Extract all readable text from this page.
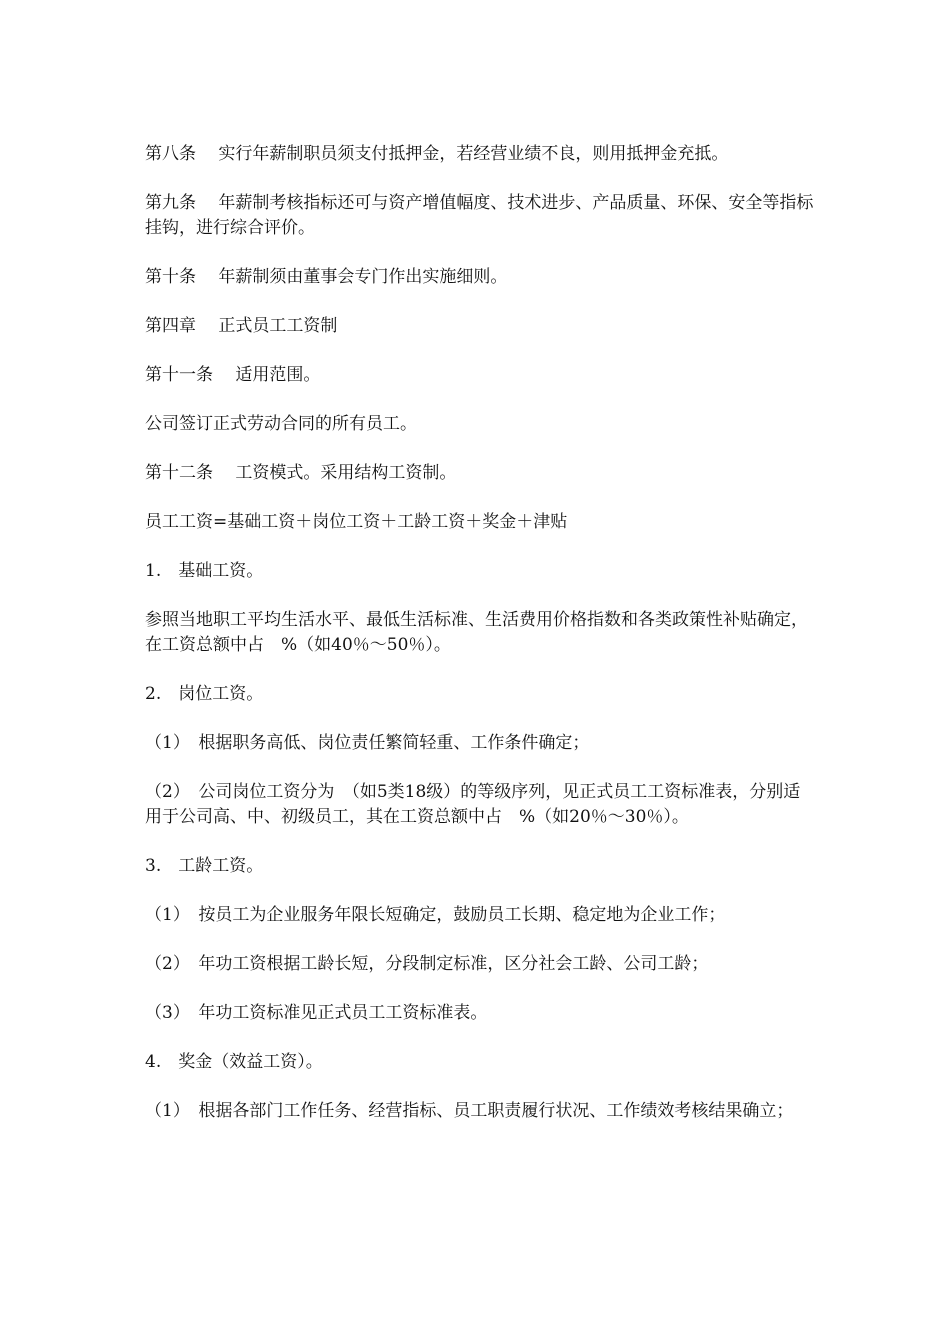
第八条　 实行年薪制职员须支付抵押金，若经营业绩不良，则用抵押金充抵。

第九条　 年薪制考核指标还可与资产增值幅度、技术进步、产品质量、环保、安全等指标挂钩，进行综合评价。

第十条　 年薪制须由董事会专门作出实施细则。

第四章　 正式员工工资制

第十一条　 适用范围。

公司签订正式劳动合同的所有员工。

第十二条　 工资模式。采用结构工资制。

员工工资=基础工资＋岗位工资＋工龄工资＋奖金＋津贴

1.　基础工资。

参照当地职工平均生活水平、最低生活标准、生活费用价格指数和各类政策性补贴确定，在工资总额中占　%（如40％～50％）。

2.　岗位工资。

（1）　根据职务高低、岗位责任繁简轻重、工作条件确定；

（2）　公司岗位工资分为　（如5类18级）的等级序列，见正式员工工资标准表，分别适用于公司高、中、初级员工，其在工资总额中占　%（如20％～30％）。

3.　工龄工资。

（1）　按员工为企业服务年限长短确定，鼓励员工长期、稳定地为企业工作；

（2）　年功工资根据工龄长短，分段制定标准，区分社会工龄、公司工龄；

（3）　年功工资标准见正式员工工资标准表。

4.　奖金（效益工资）。

（1）　根据各部门工作任务、经营指标、员工职责履行状况、工作绩效考核结果确立；
